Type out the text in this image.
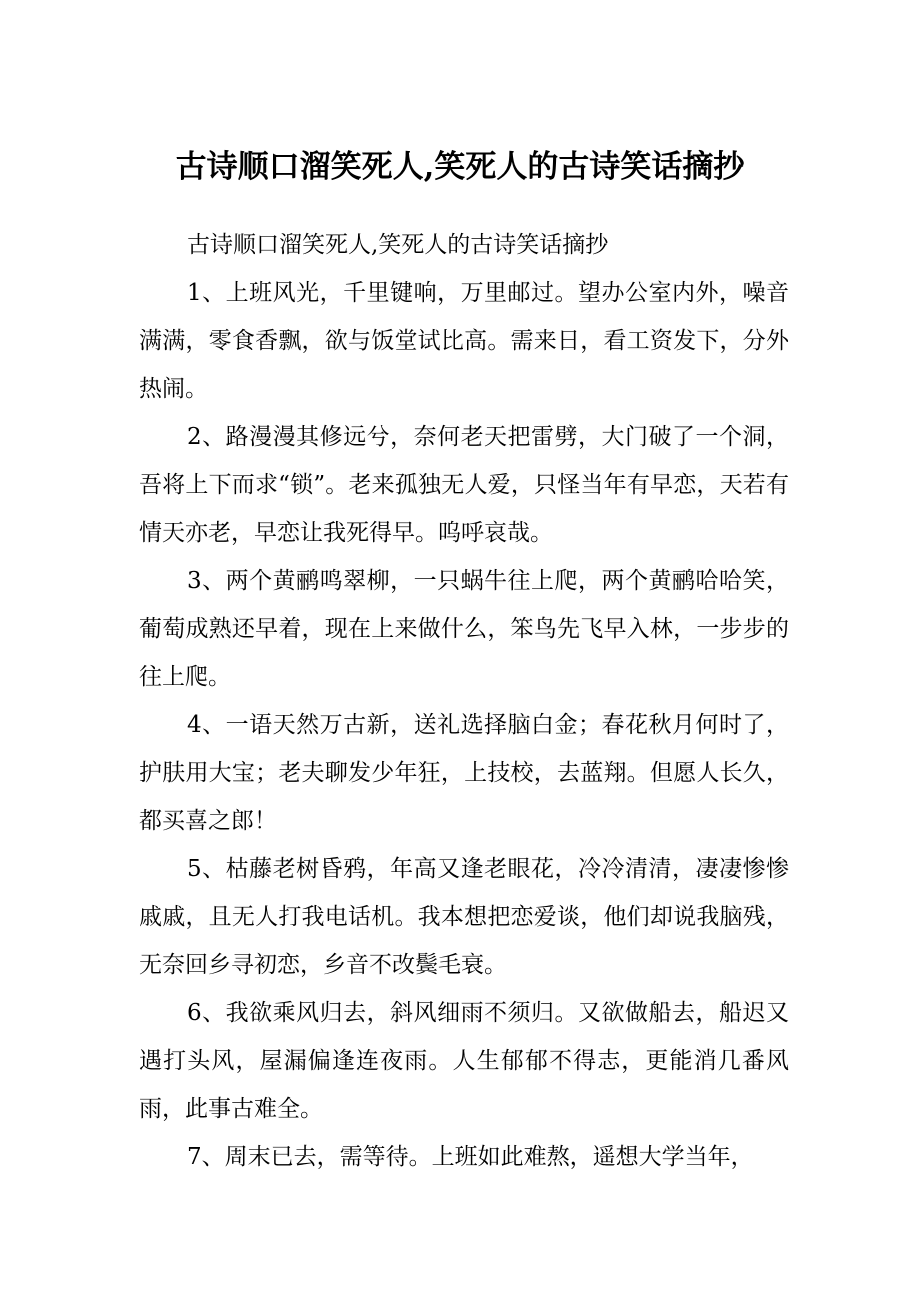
古诗顺口溜笑死人,笑死人的古诗笑话摘抄

古诗顺口溜笑死人,笑死人的古诗笑话摘抄

1、上班风光，千里键响，万里邮过。望办公室内外，噪音满满，零食香飘，欲与饭堂试比高。需来日，看工资发下，分外热闹。

2、路漫漫其修远兮，奈何老天把雷劈，大门破了一个洞，吾将上下而求“锁”。老来孤独无人爱，只怪当年有早恋，天若有情天亦老，早恋让我死得早。呜呼哀哉。

3、两个黄鹂鸣翠柳，一只蜗牛往上爬，两个黄鹂哈哈笑，葡萄成熟还早着，现在上来做什么，笨鸟先飞早入林，一步步的往上爬。

4、一语天然万古新，送礼选择脑白金；春花秋月何时了，护肤用大宝；老夫聊发少年狂，上技校，去蓝翔。但愿人长久，都买喜之郎！

5、枯藤老树昏鸦，年高又逢老眼花，冷冷清清，凄凄惨惨戚戚，且无人打我电话机。我本想把恋爱谈，他们却说我脑残，无奈回乡寻初恋，乡音不改鬓毛衰。

6、我欲乘风归去，斜风细雨不须归。又欲做船去，船迟又遇打头风，屋漏偏逢连夜雨。人生郁郁不得志，更能消几番风雨，此事古难全。

7、周末已去，需等待。上班如此难熬，遥想大学当年，
